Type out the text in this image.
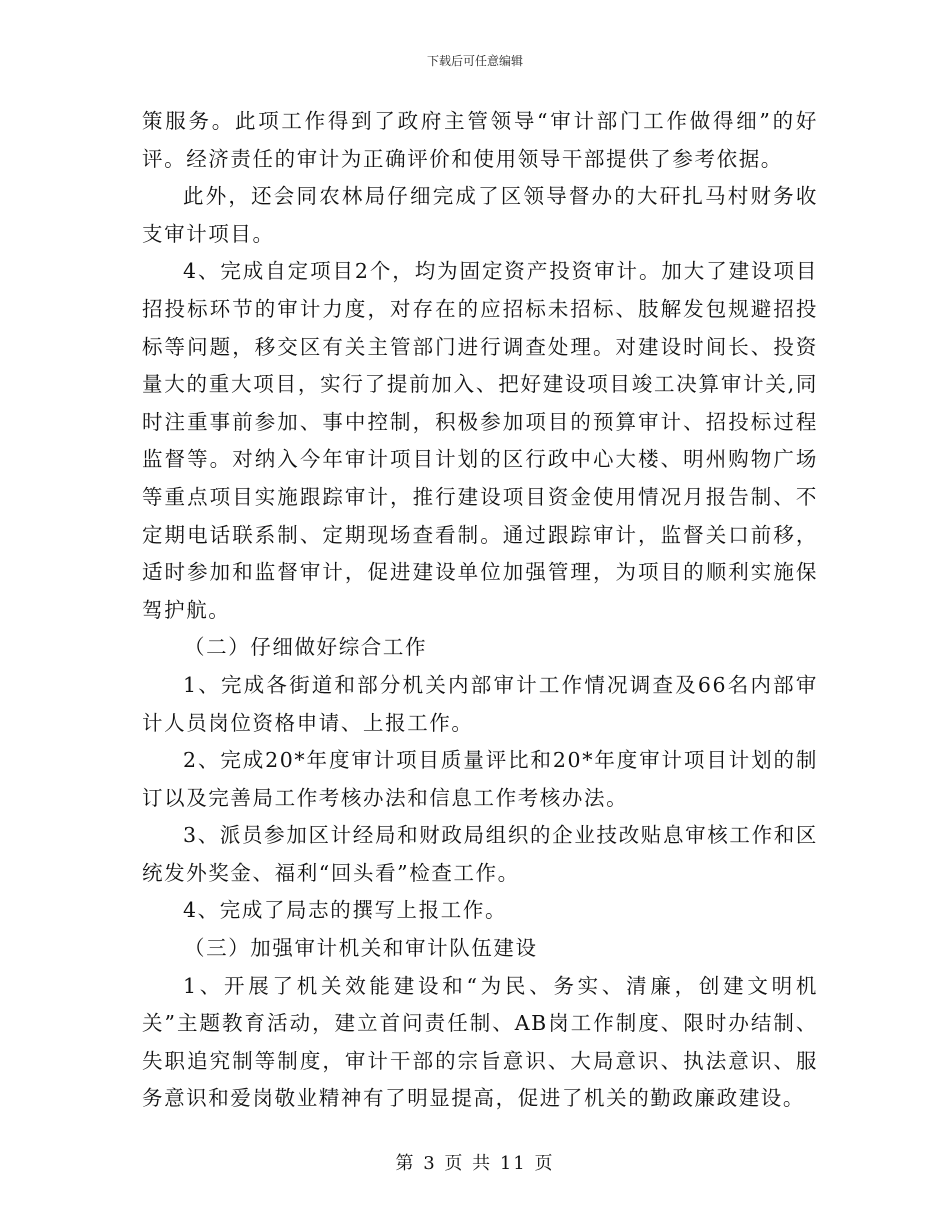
下载后可任意编辑

策服务。此项工作得到了政府主管领导“审计部门工作做得细”的好评。经济责任的审计为正确评价和使用领导干部提供了参考依据。

此外，还会同农林局仔细完成了区领导督办的大矸扎马村财务收支审计项目。

4、完成自定项目2个，均为固定资产投资审计。加大了建设项目招投标环节的审计力度，对存在的应招标未招标、肢解发包规避招投标等问题，移交区有关主管部门进行调查处理。对建设时间长、投资量大的重大项目，实行了提前加入、把好建设项目竣工决算审计关,同时注重事前参加、事中控制，积极参加项目的预算审计、招投标过程监督等。对纳入今年审计项目计划的区行政中心大楼、明州购物广场等重点项目实施跟踪审计，推行建设项目资金使用情况月报告制、不定期电话联系制、定期现场查看制。通过跟踪审计，监督关口前移，适时参加和监督审计，促进建设单位加强管理，为项目的顺利实施保驾护航。

（二）仔细做好综合工作

1、完成各街道和部分机关内部审计工作情况调查及66名内部审计人员岗位资格申请、上报工作。

2、完成20*年度审计项目质量评比和20*年度审计项目计划的制订以及完善局工作考核办法和信息工作考核办法。

3、派员参加区计经局和财政局组织的企业技改贴息审核工作和区统发外奖金、福利“回头看”检查工作。

4、完成了局志的撰写上报工作。

（三）加强审计机关和审计队伍建设

1、开展了机关效能建设和“为民、务实、清廉，创建文明机关”主题教育活动，建立首问责任制、AB岗工作制度、限时办结制、失职追究制等制度，审计干部的宗旨意识、大局意识、执法意识、服务意识和爱岗敬业精神有了明显提高，促进了机关的勤政廉政建设。

第 3 页 共 11 页
